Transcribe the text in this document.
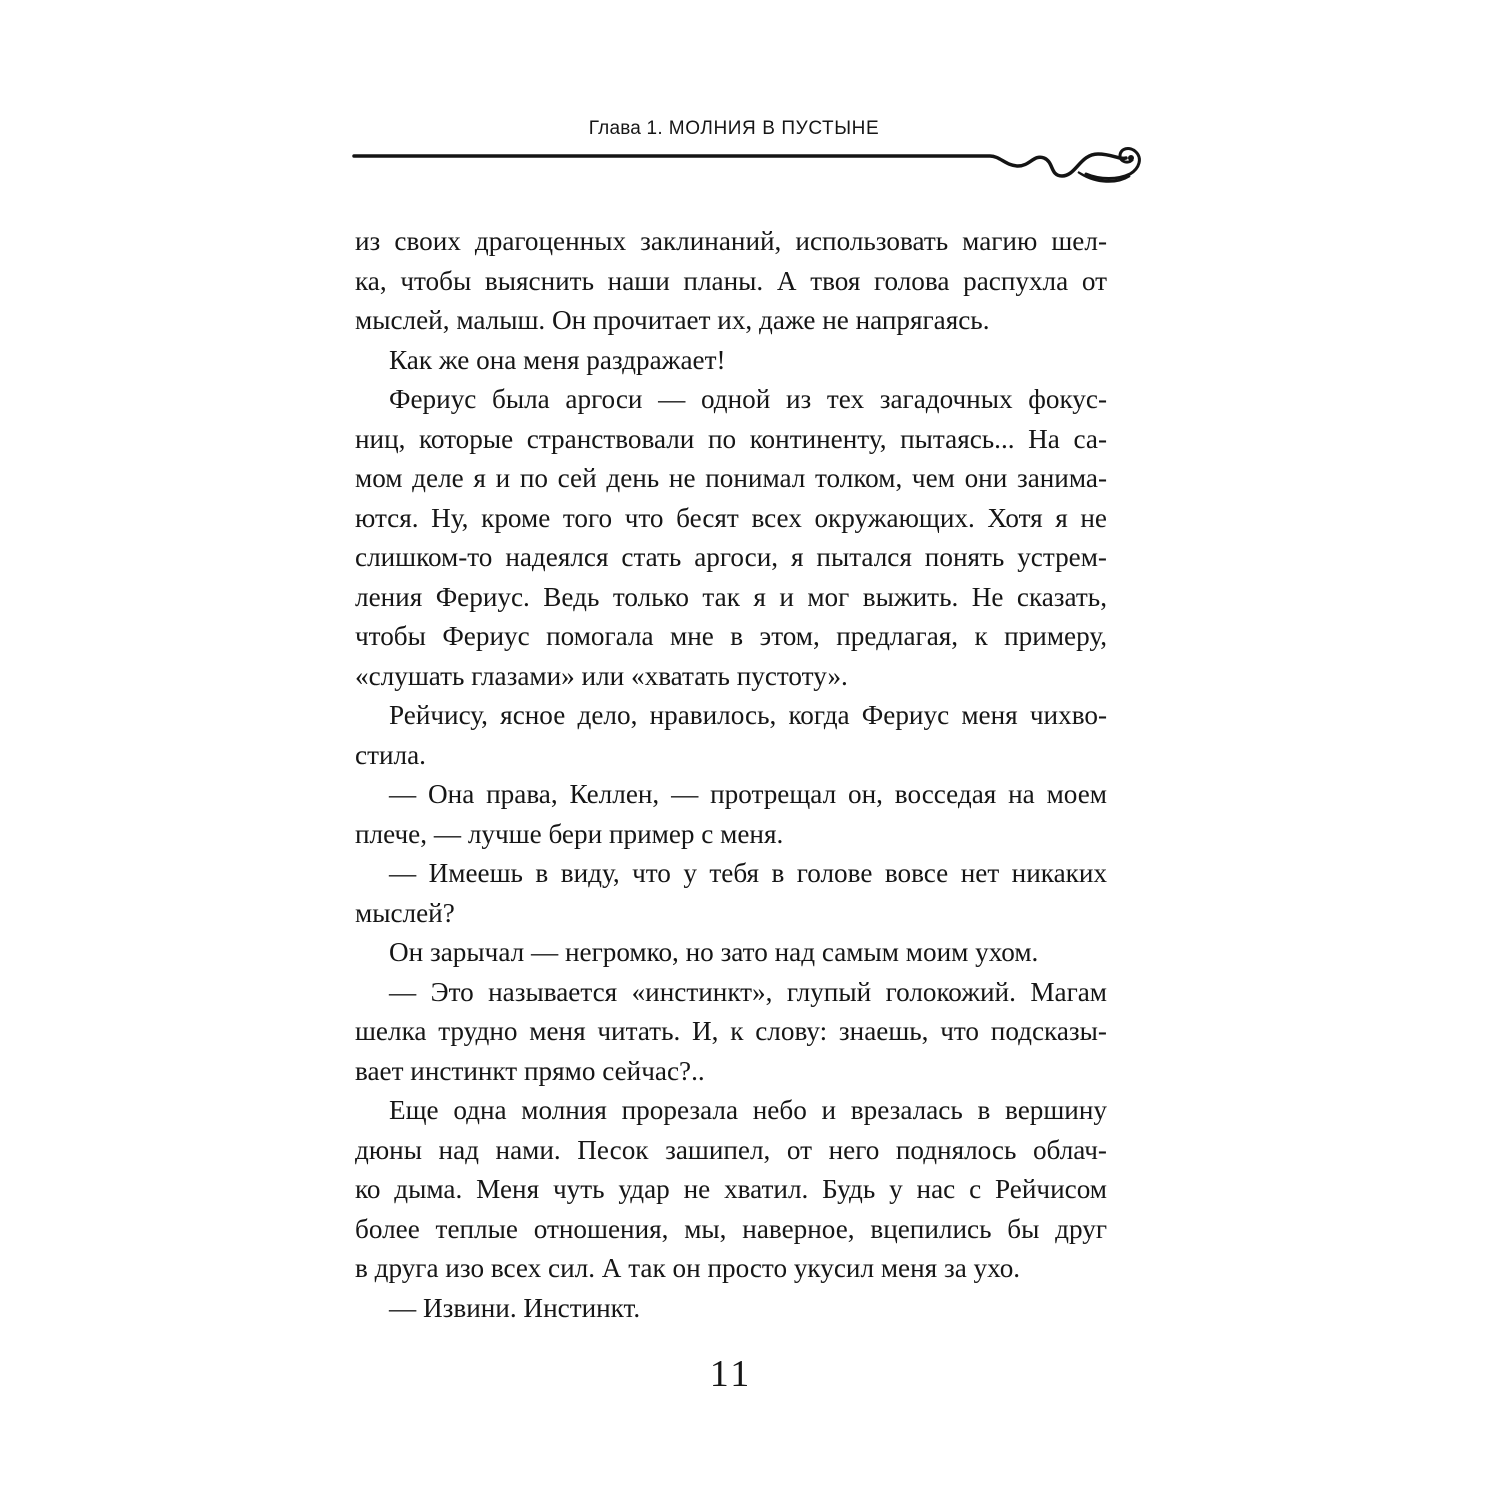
Глава 1. МОЛНИЯ В ПУСТЫНЕ
из своих драгоценных заклинаний, использовать магию шел-
ка, чтобы выяснить наши планы. А твоя голова распухла от
мыслей, малыш. Он прочитает их, даже не напрягаясь.
Как же она меня раздражает!
Фериус была аргоси — одной из тех загадочных фокус-
ниц, которые странствовали по континенту, пытаясь... На са-
мом деле я и по сей день не понимал толком, чем они занима-
ются. Ну, кроме того что бесят всех окружающих. Хотя я не
слишком-то надеялся стать аргоси, я пытался понять устрем-
ления Фериус. Ведь только так я и мог выжить. Не сказать,
чтобы Фериус помогала мне в этом, предлагая, к примеру,
«слушать глазами» или «хватать пустоту».
Рейчису, ясное дело, нравилось, когда Фериус меня чихво-
стила.
— Она права, Келлен, — протрещал он, восседая на моем
плече, — лучше бери пример с меня.
— Имеешь в виду, что у тебя в голове вовсе нет никаких
мыслей?
Он зарычал — негромко, но зато над самым моим ухом.
— Это называется «инстинкт», глупый голокожий. Магам
шелка трудно меня читать. И, к слову: знаешь, что подсказы-
вает инстинкт прямо сейчас?..
Еще одна молния прорезала небо и врезалась в вершину
дюны над нами. Песок зашипел, от него поднялось облач-
ко дыма. Меня чуть удар не хватил. Будь у нас с Рейчисом
более теплые отношения, мы, наверное, вцепились бы друг
в друга изо всех сил. А так он просто укусил меня за ухо.
— Извини. Инстинкт.
11
